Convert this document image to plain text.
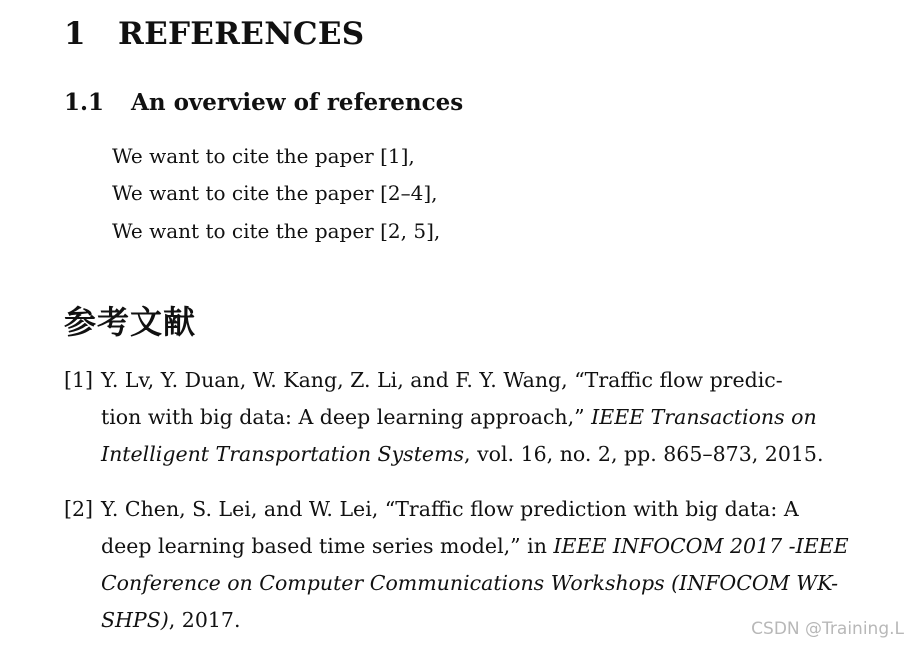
1 REFERENCES
1.1 An overview of references
We want to cite the paper [1],
We want to cite the paper [2–4],
We want to cite the paper [2, 5],
参考文献
[1] Y. Lv, Y. Duan, W. Kang, Z. Li, and F. Y. Wang, “Traffic flow predic-
tion with big data: A deep learning approach,” IEEE Transactions on
Intelligent Transportation Systems, vol. 16, no. 2, pp. 865–873, 2015.
[2] Y. Chen, S. Lei, and W. Lei, “Traffic flow prediction with big data: A
deep learning based time series model,” in IEEE INFOCOM 2017 -IEEE
Conference on Computer Communications Workshops (INFOCOM WK-
SHPS), 2017.	CSDN @Training.L
